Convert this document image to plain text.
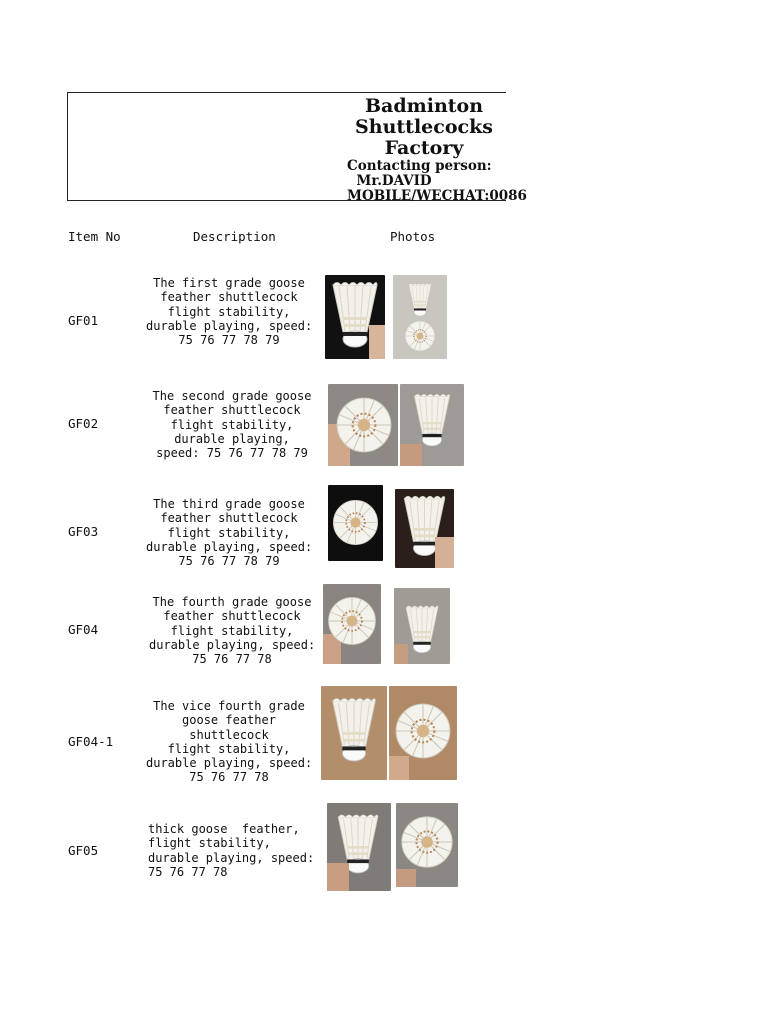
Badminton
Shuttlecocks
Factory
Contacting person:
Mr.DAVID
MOBILE/WECHAT:0086
Item No	Description	Photos
GF01
The first grade goose
feather shuttlecock
flight stability,
durable playing, speed:
75 76 77 78 79
GF02
The second grade goose
feather shuttlecock
flight stability,
durable playing,
speed: 75 76 77 78 79
GF03
The third grade goose
feather shuttlecock
flight stability,
durable playing, speed:
75 76 77 78 79
GF04
The fourth grade goose
feather shuttlecock
flight stability,
durable playing, speed:
75 76 77 78
GF04-1
The vice fourth grade
goose feather
shuttlecock
flight stability,
durable playing, speed:
75 76 77 78
GF05
thick goose  feather,
flight stability,
durable playing, speed:
75 76 77 78
